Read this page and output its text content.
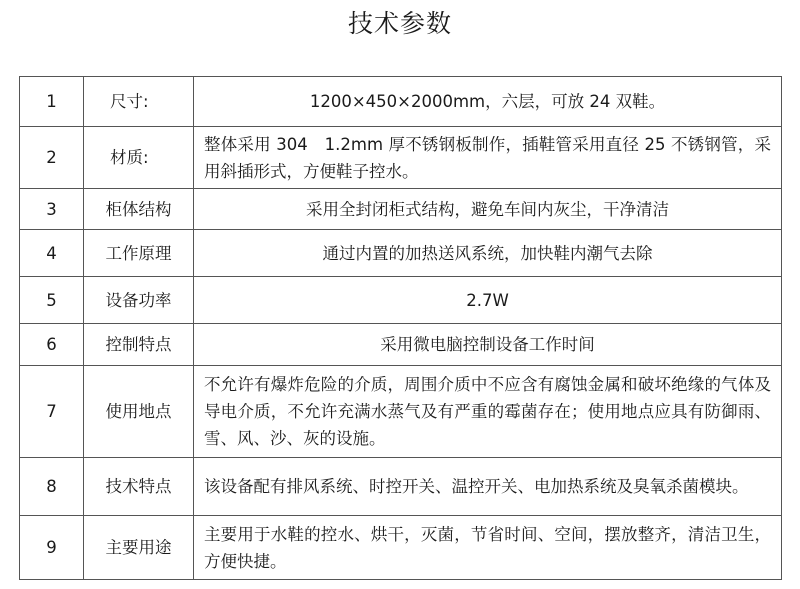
技术参数
1	尺寸:	1200×450×2000mm，六层，可放 24 双鞋。
2	材质:	整体采用 304　1.2mm 厚不锈钢板制作，插鞋管采用直径 25 不锈钢管，采用斜插形式，方便鞋子控水。
3	柜体结构	采用全封闭柜式结构，避免车间内灰尘，干净清洁
4	工作原理	通过内置的加热送风系统，加快鞋内潮气去除
5	设备功率	2.7W
6	控制特点	采用微电脑控制设备工作时间
7	使用地点	不允许有爆炸危险的介质，周围介质中不应含有腐蚀金属和破坏绝缘的气体及导电介质，不允许充满水蒸气及有严重的霉菌存在；使用地点应具有防御雨、雪、风、沙、灰的设施。
8	技术特点	该设备配有排风系统、时控开关、温控开关、电加热系统及臭氧杀菌模块。
9	主要用途	主要用于水鞋的控水、烘干，灭菌，节省时间、空间，摆放整齐，清洁卫生，方便快捷。
